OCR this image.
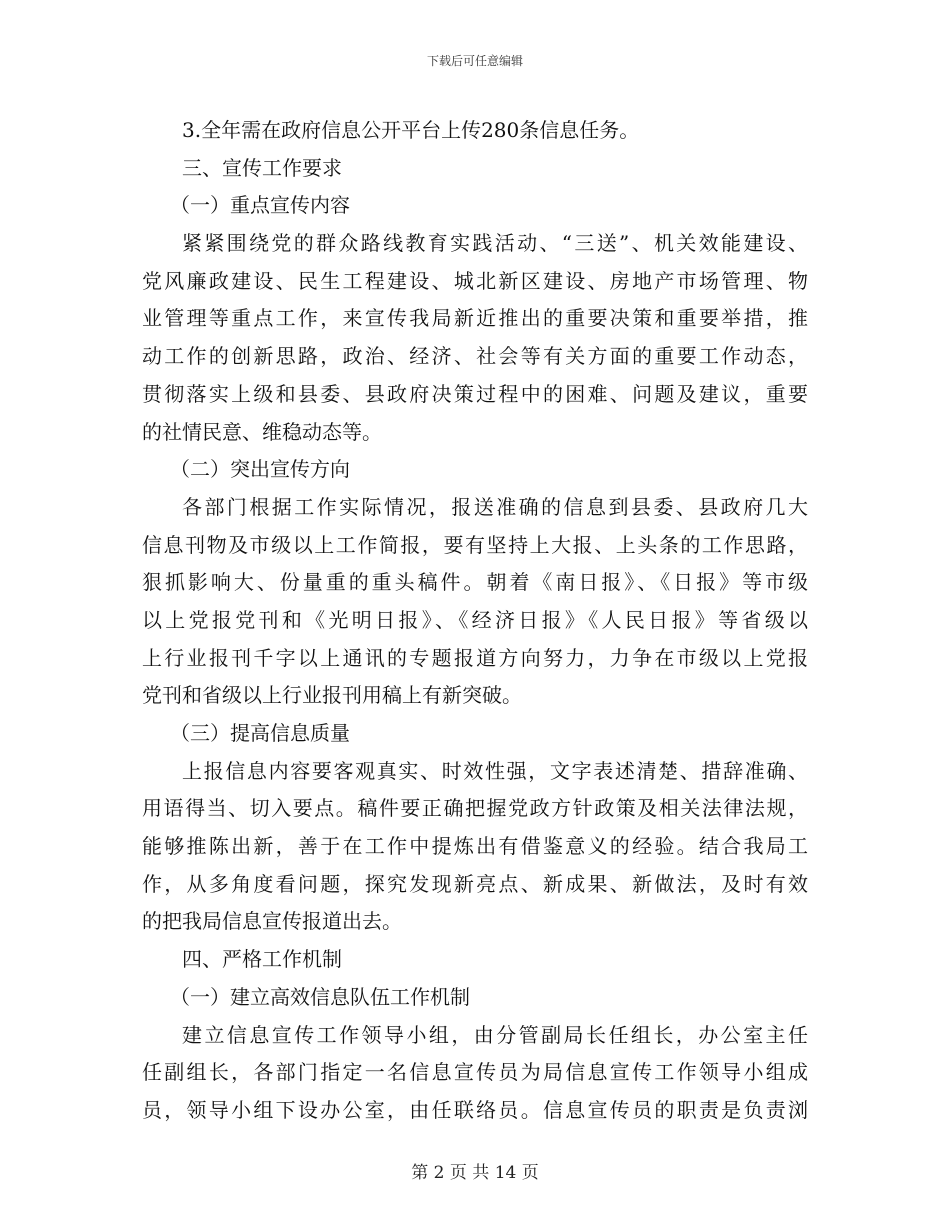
下载后可任意编辑
3.全年需在政府信息公开平台上传280条信息任务。
三、宣传工作要求
（一）重点宣传内容
紧紧围绕党的群众路线教育实践活动、“三送”、机关效能建设、
党风廉政建设、民生工程建设、城北新区建设、房地产市场管理、物
业管理等重点工作，来宣传我局新近推出的重要决策和重要举措，推
动工作的创新思路，政治、经济、社会等有关方面的重要工作动态，
贯彻落实上级和县委、县政府决策过程中的困难、问题及建议，重要
的社情民意、维稳动态等。
（二）突出宣传方向
各部门根据工作实际情况，报送准确的信息到县委、县政府几大
信息刊物及市级以上工作简报，要有坚持上大报、上头条的工作思路，
狠抓影响大、份量重的重头稿件。朝着《南日报》、《日报》等市级
以上党报党刊和《光明日报》、《经济日报》《人民日报》等省级以
上行业报刊千字以上通讯的专题报道方向努力，力争在市级以上党报
党刊和省级以上行业报刊用稿上有新突破。
（三）提高信息质量
上报信息内容要客观真实、时效性强，文字表述清楚、措辞准确、
用语得当、切入要点。稿件要正确把握党政方针政策及相关法律法规，
能够推陈出新，善于在工作中提炼出有借鉴意义的经验。结合我局工
作，从多角度看问题，探究发现新亮点、新成果、新做法，及时有效
的把我局信息宣传报道出去。
四、严格工作机制
（一）建立高效信息队伍工作机制
建立信息宣传工作领导小组，由分管副局长任组长，办公室主任
任副组长，各部门指定一名信息宣传员为局信息宣传工作领导小组成
员，领导小组下设办公室，由任联络员。信息宣传员的职责是负责浏
第 2 页 共 14 页
